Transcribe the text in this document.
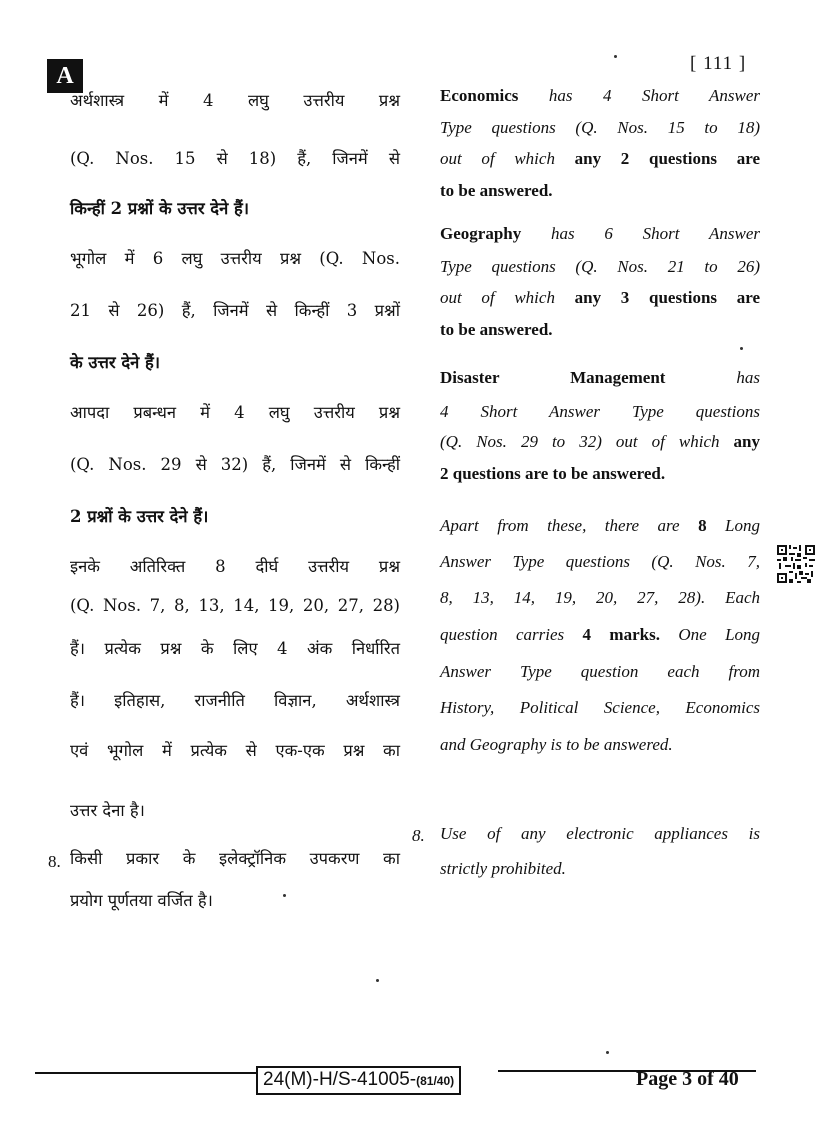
A	[ 111 ]
अर्थशास्त्र में 4 लघु उत्तरीय प्रश्न
(Q. Nos. 15 से 18) हैं, जिनमें से
किन्हीं 2 प्रश्नों के उत्तर देने हैं।
भूगोल में 6 लघु उत्तरीय प्रश्न (Q. Nos.
21 से 26) हैं, जिनमें से किन्हीं 3 प्रश्नों
के उत्तर देने हैं।
आपदा प्रबन्धन में 4 लघु उत्तरीय प्रश्न
(Q. Nos. 29 से 32) हैं, जिनमें से किन्हीं
2 प्रश्नों के उत्तर देने हैं।
इनके अतिरिक्त 8 दीर्घ उत्तरीय प्रश्न
(Q. Nos. 7, 8, 13, 14, 19, 20, 27, 28)
हैं। प्रत्येक प्रश्न के लिए 4 अंक निर्धारित
हैं। इतिहास, राजनीति विज्ञान, अर्थशास्त्र
एवं भूगोल में प्रत्येक से एक-एक प्रश्न का
उत्तर देना है।
किसी प्रकार के इलेक्ट्रॉनिक उपकरण का
प्रयोग पूर्णतया वर्जित है।
8.
Economics has 4 Short Answer
Type questions (Q. Nos. 15 to 18)
out of which any 2 questions are
to be answered.
Geography has 6 Short Answer
Type questions (Q. Nos. 21 to 26)
out of which any 3 questions are
to be answered.
Disaster Management	has
4 Short Answer Type questions
(Q. Nos. 29 to 32) out of which any
2 questions are to be answered.
Apart from these, there are 8 Long
Answer Type questions (Q. Nos. 7,
8, 13, 14, 19, 20, 27, 28). Each
question carries 4 marks. One Long
Answer Type question each from
History, Political Science, Economics
and Geography is to be answered.
Use of any electronic appliances is
strictly prohibited.
8.
24(M)-H/S-41005-(81/40)	Page 3 of 40
